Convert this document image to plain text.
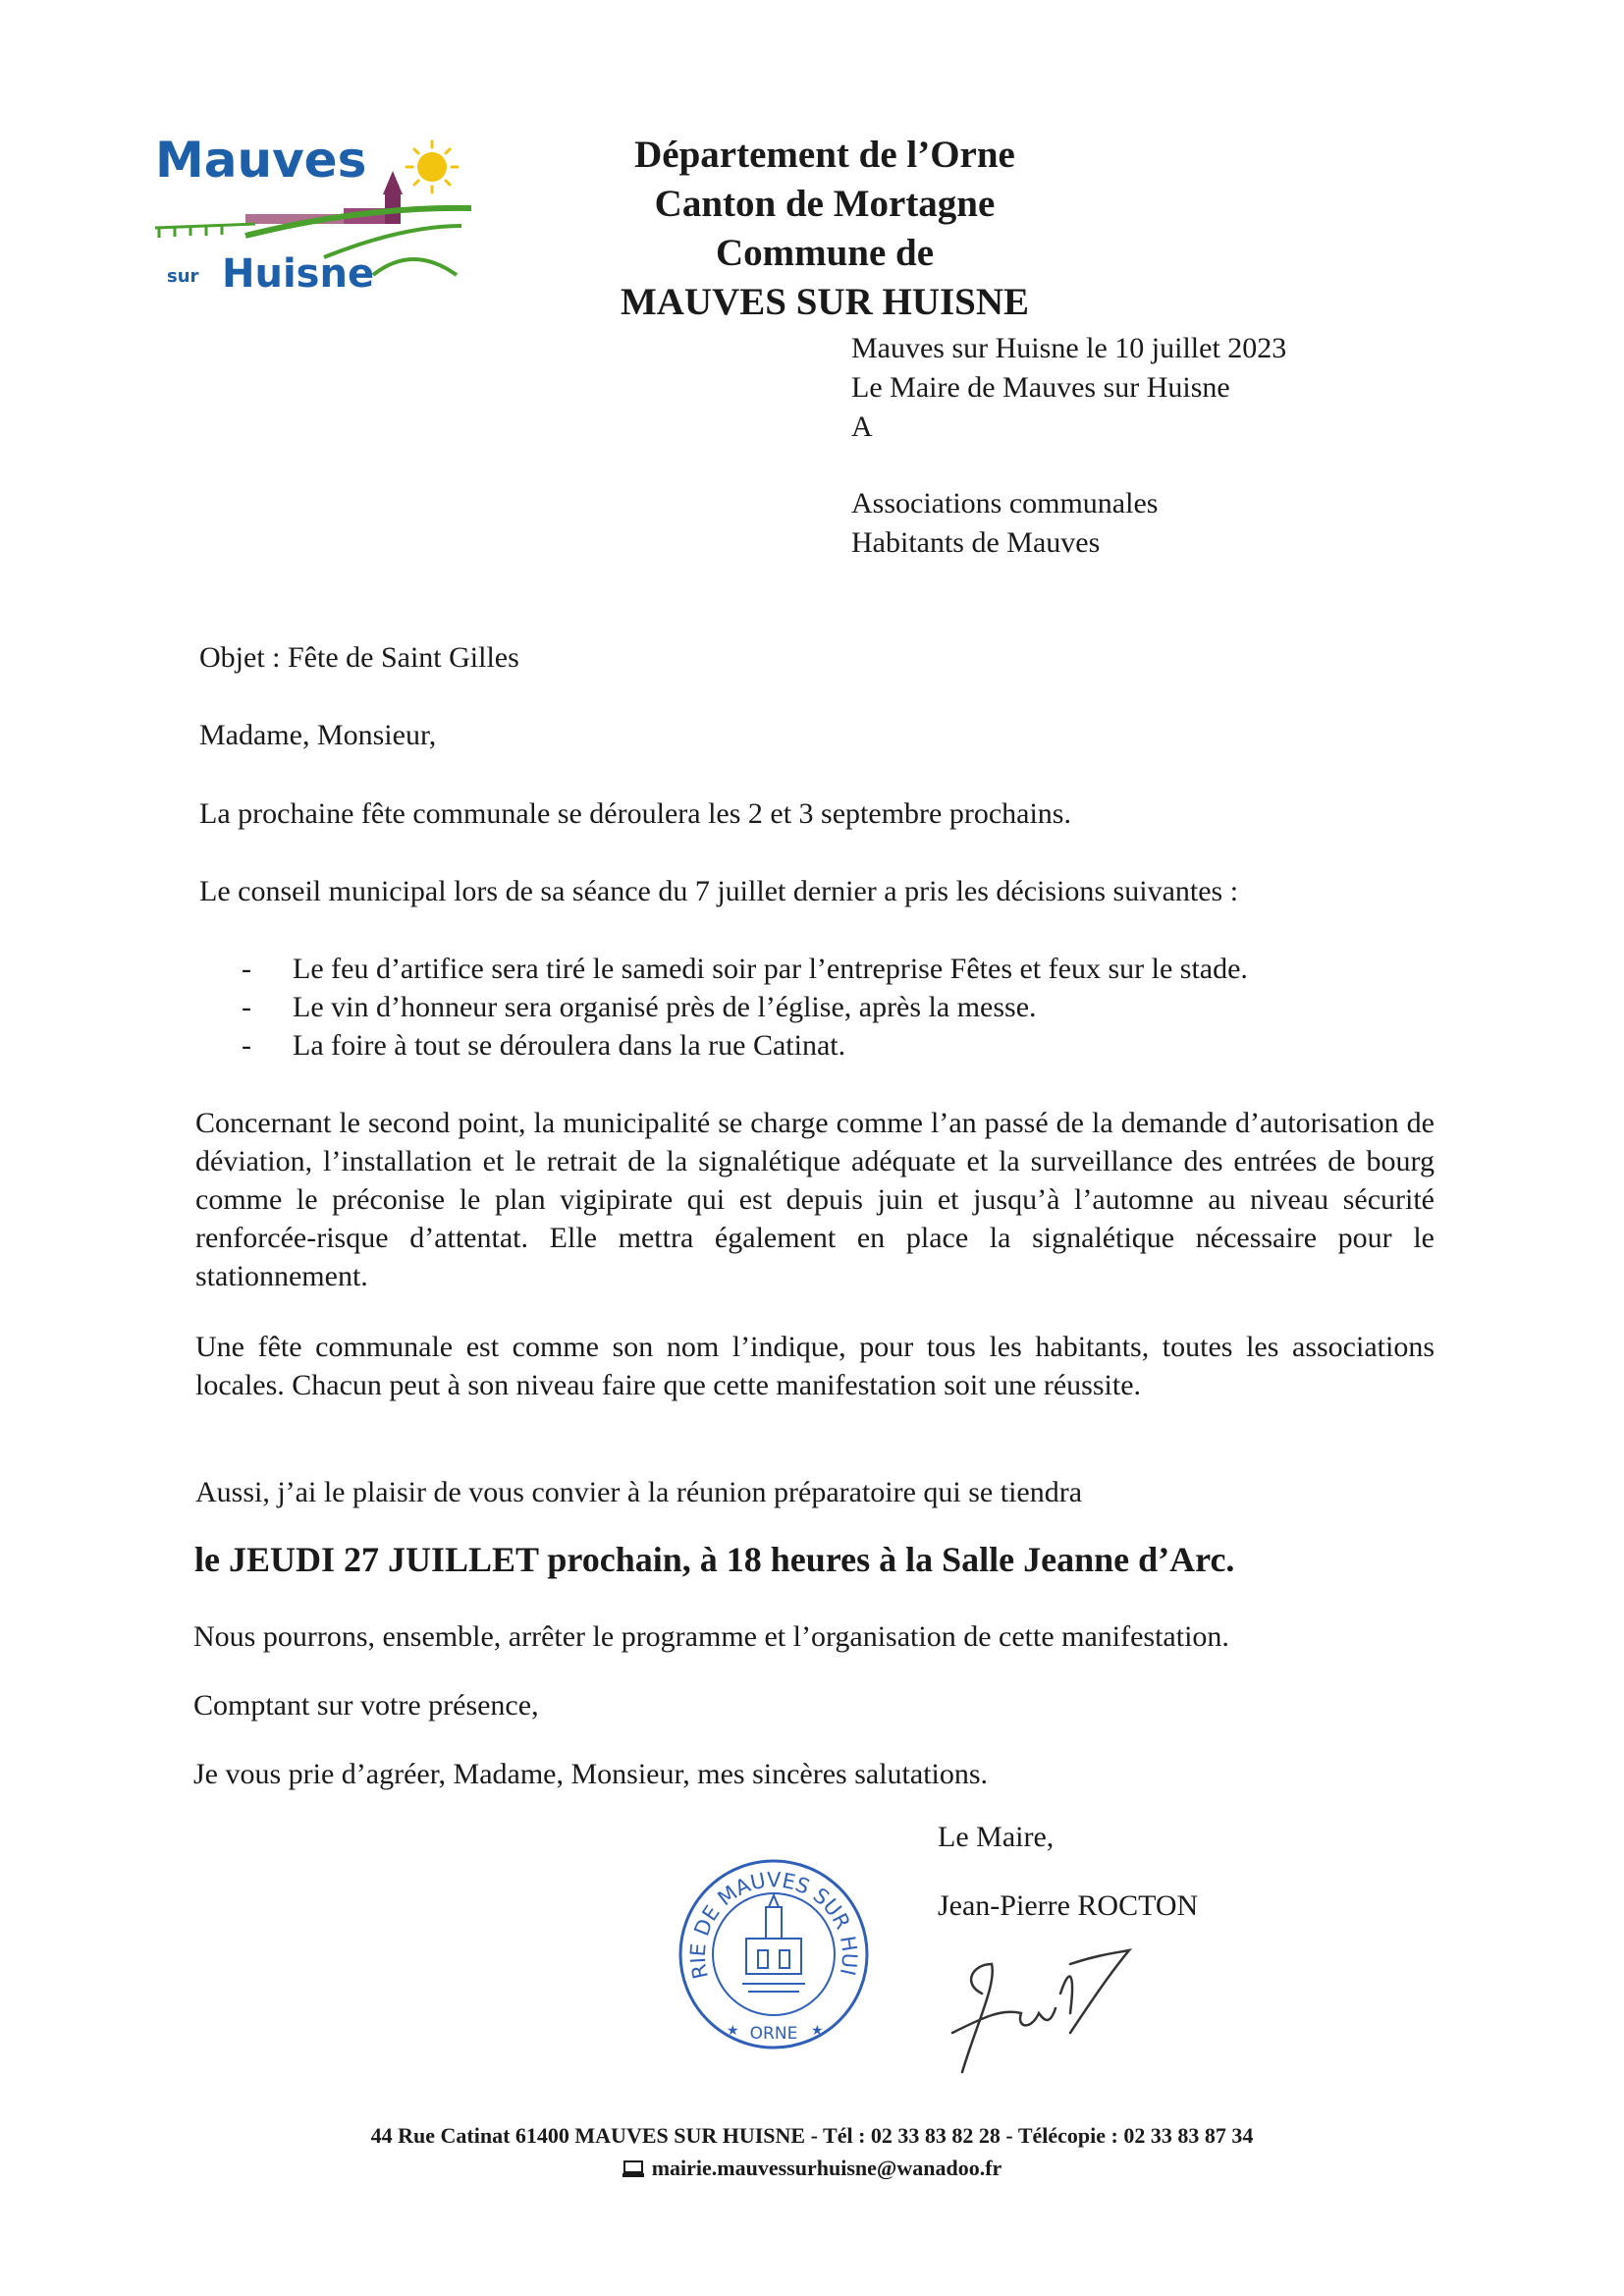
Mauves
sur Huisne
Département de l’Orne
Canton de Mortagne
Commune de
MAUVES SUR HUISNE
Mauves sur Huisne le 10 juillet 2023
Le Maire de Mauves sur Huisne
A
Associations communales
Habitants de Mauves
Objet : Fête de Saint Gilles
Madame, Monsieur,
La prochaine fête communale se déroulera les 2 et 3 septembre prochains.
Le conseil municipal lors de sa séance du 7 juillet dernier a pris les décisions suivantes :
- Le feu d’artifice sera tiré le samedi soir par l’entreprise Fêtes et feux sur le stade.
- Le vin d’honneur sera organisé près de l’église, après la messe.
- La foire à tout se déroulera dans la rue Catinat.
Concernant le second point, la municipalité se charge comme l’an passé de la demande d’autorisation de déviation, l’installation et le retrait de la signalétique adéquate et la surveillance des entrées de bourg comme le préconise le plan vigipirate qui est depuis juin et jusqu’à l’automne au niveau sécurité renforcée-risque d’attentat. Elle mettra également en place la signalétique nécessaire pour le stationnement.
Une fête communale est comme son nom l’indique, pour tous les habitants, toutes les associations locales. Chacun peut à son niveau faire que cette manifestation soit une réussite.
Aussi, j’ai le plaisir de vous convier à la réunion préparatoire qui se tiendra
le JEUDI 27 JUILLET prochain, à 18 heures à la Salle Jeanne d’Arc.
Nous pourrons, ensemble, arrêter le programme et l’organisation de cette manifestation.
Comptant sur votre présence,
Je vous prie d’agréer, Madame, Monsieur, mes sincères salutations.
Le Maire,
Jean-Pierre ROCTON
RIE DE MAUVES SUR HUI
ORNE
★	★
44 Rue Catinat 61400 MAUVES SUR HUISNE - Tél : 02 33 83 82 28 - Télécopie : 02 33 83 87 34
mairie.mauvessurhuisne@wanadoo.fr
